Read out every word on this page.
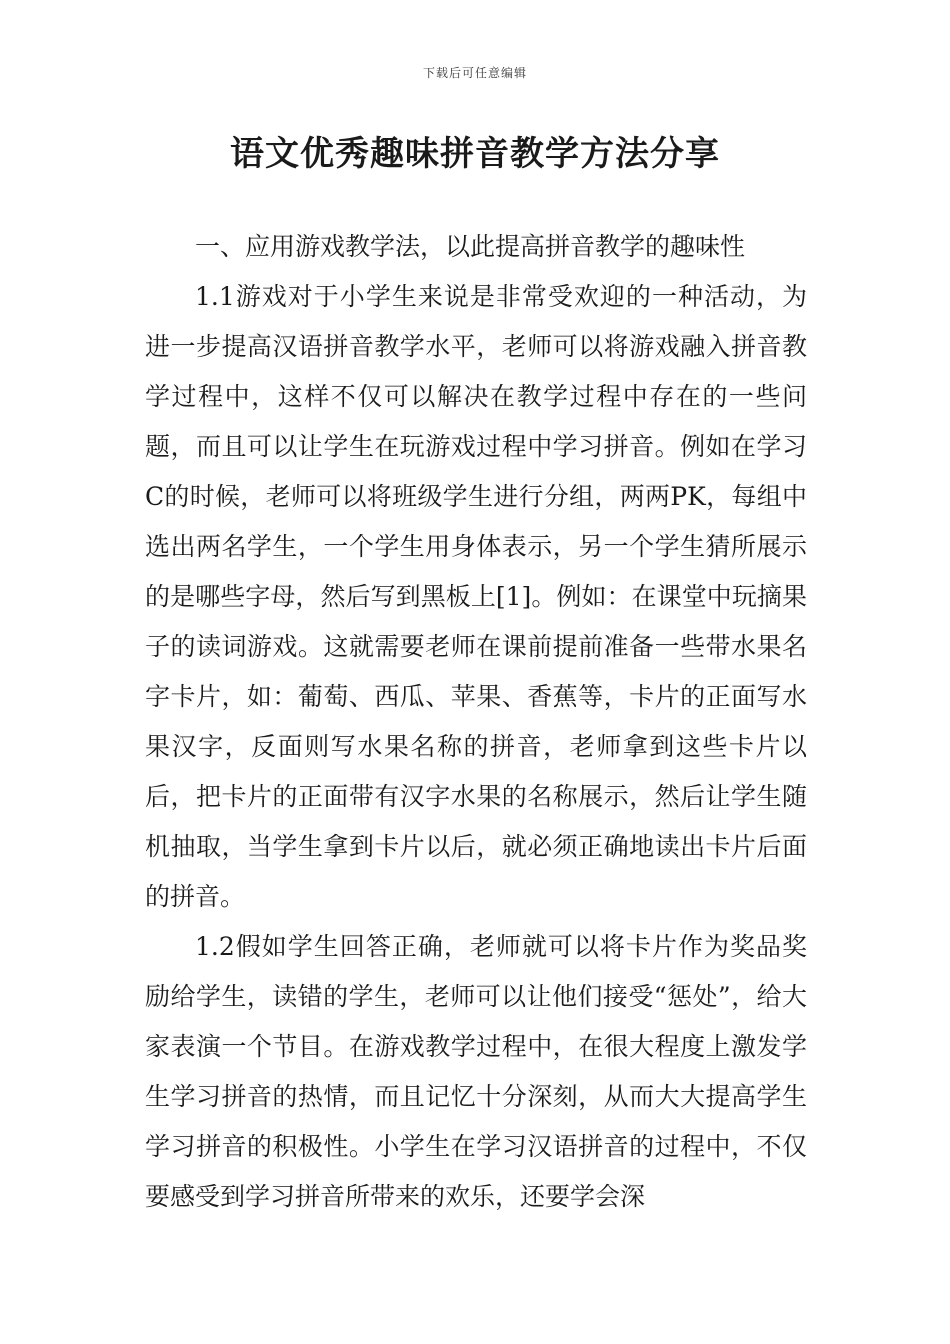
下载后可任意编辑
语文优秀趣味拼音教学方法分享

一、应用游戏教学法，以此提高拼音教学的趣味性

1.1游戏对于小学生来说是非常受欢迎的一种活动，为进一步提高汉语拼音教学水平，老师可以将游戏融入拼音教学过程中，这样不仅可以解决在教学过程中存在的一些问题，而且可以让学生在玩游戏过程中学习拼音。例如在学习C的时候，老师可以将班级学生进行分组，两两PK，每组中选出两名学生，一个学生用身体表示，另一个学生猜所展示的是哪些字母，然后写到黑板上[1]。例如：在课堂中玩摘果子的读词游戏。这就需要老师在课前提前准备一些带水果名字卡片，如：葡萄、西瓜、苹果、香蕉等，卡片的正面写水果汉字，反面则写水果名称的拼音，老师拿到这些卡片以后，把卡片的正面带有汉字水果的名称展示，然后让学生随机抽取，当学生拿到卡片以后，就必须正确地读出卡片后面的拼音。

1.2假如学生回答正确，老师就可以将卡片作为奖品奖励给学生，读错的学生，老师可以让他们接受“惩处”，给大家表演一个节目。在游戏教学过程中，在很大程度上激发学生学习拼音的热情，而且记忆十分深刻，从而大大提高学生学习拼音的积极性。小学生在学习汉语拼音的过程中，不仅要感受到学习拼音所带来的欢乐，还要学会深
